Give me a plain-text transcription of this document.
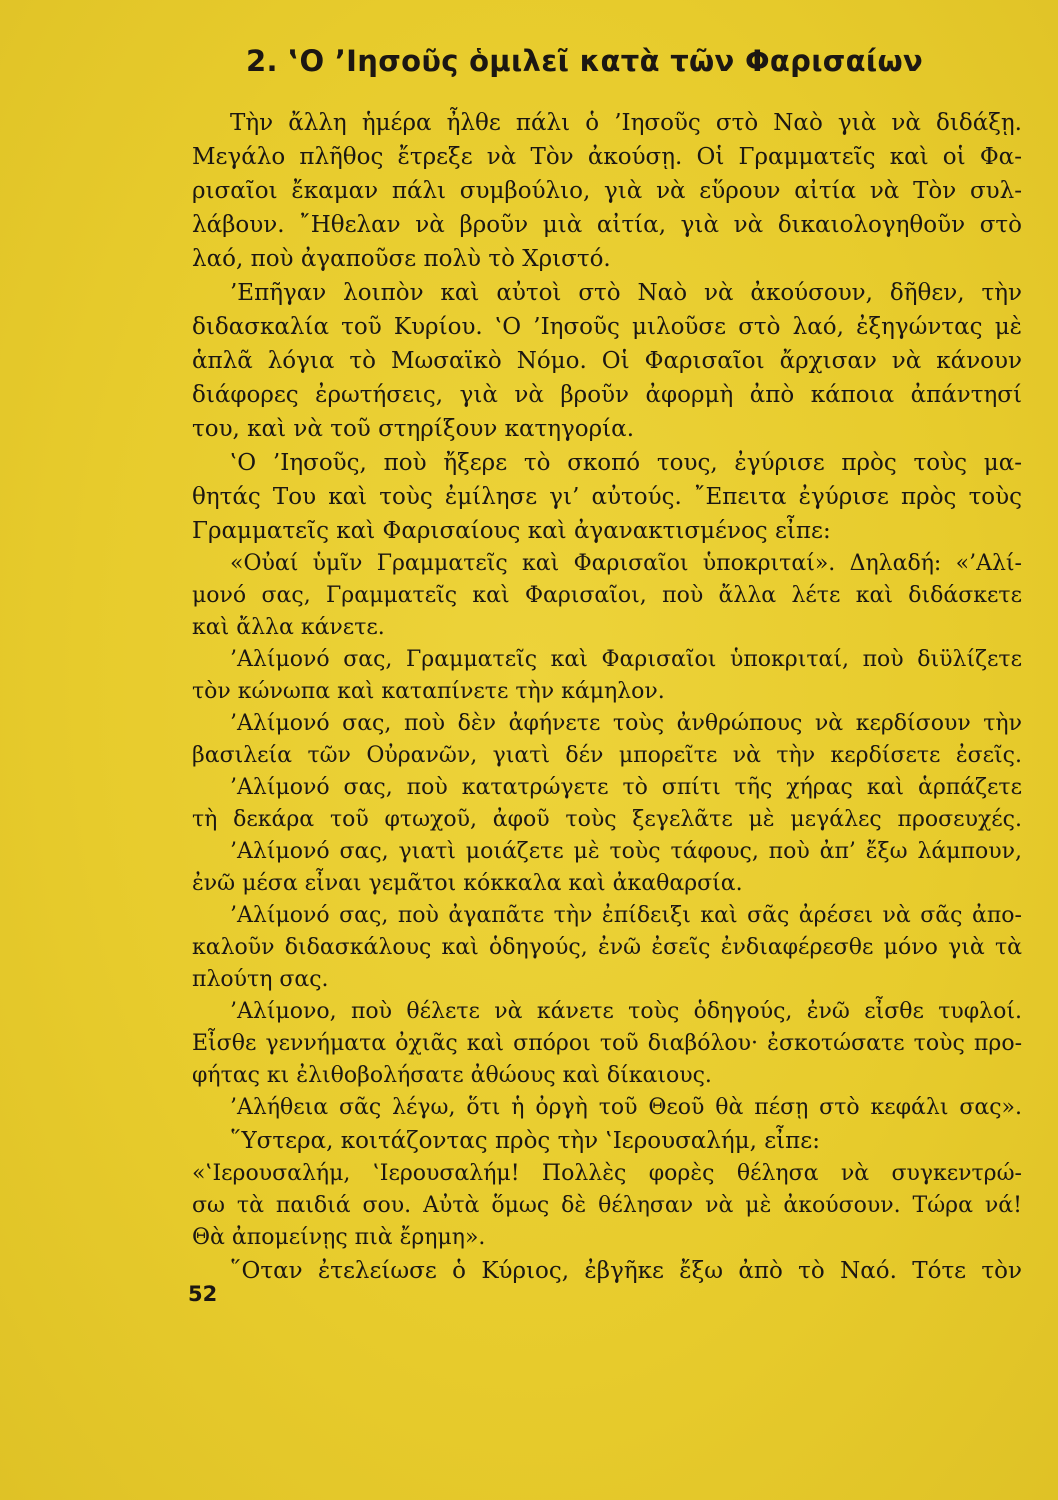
2. ‛Ο ’Ιησοῦς ὁμιλεῖ κατὰ τῶν Φαρισαίων
Τὴν ἄλλη ἡμέρα ἦλθε πάλι ὁ ’Ιησοῦς στὸ Ναὸ γιὰ νὰ διδάξῃ.
Μεγάλο πλῆθος ἔτρεξε νὰ Τὸν ἀκούσῃ. Οἱ Γραμματεῖς καὶ οἱ Φα-
ρισαῖοι ἔκαμαν πάλι συμβούλιο, γιὰ νὰ εὕρουν αἰτία νὰ Τὸν συλ-
λάβουν. ῎Ηθελαν νὰ βροῦν μιὰ αἰτία, γιὰ νὰ δικαιολογηθοῦν στὸ
λαό, ποὺ ἀγαποῦσε πολὺ τὸ Χριστό.
’Επῆγαν λοιπὸν καὶ αὐτοὶ στὸ Ναὸ νὰ ἀκούσουν, δῆθεν, τὴν
διδασκαλία τοῦ Κυρίου. ‛Ο ’Ιησοῦς μιλοῦσε στὸ λαό, ἐξηγώντας μὲ
ἁπλᾶ λόγια τὸ Μωσαϊκὸ Νόμο. Οἱ Φαρισαῖοι ἄρχισαν νὰ κάνουν
διάφορες ἐρωτήσεις, γιὰ νὰ βροῦν ἀφορμὴ ἀπὸ κάποια ἀπάντησί
του, καὶ νὰ τοῦ στηρίξουν κατηγορία.
‛Ο ’Ιησοῦς, ποὺ ἤξερε τὸ σκοπό τους, ἐγύρισε πρὸς τοὺς μα-
θητάς Του καὶ τοὺς ἐμίλησε γι’ αὐτούς. ῎Επειτα ἐγύρισε πρὸς τοὺς
Γραμματεῖς καὶ Φαρισαίους καὶ ἀγανακτισμένος εἶπε:
«Οὐαί ὑμῖν Γραμματεῖς καὶ Φαρισαῖοι ὑποκριταί». Δηλαδή: «’Αλί-
μονό σας, Γραμματεῖς καὶ Φαρισαῖοι, ποὺ ἄλλα λέτε καὶ διδάσκετε
καὶ ἄλλα κάνετε.
’Αλίμονό σας, Γραμματεῖς καὶ Φαρισαῖοι ὑποκριταί, ποὺ διϋλίζετε
τὸν κώνωπα καὶ καταπίνετε τὴν κάμηλον.
’Αλίμονό σας, ποὺ δὲν ἀφήνετε τοὺς ἀνθρώπους νὰ κερδίσουν τὴν
βασιλεία τῶν Οὐρανῶν, γιατὶ δέν μπορεῖτε νὰ τὴν κερδίσετε ἐσεῖς.
’Αλίμονό σας, ποὺ κατατρώγετε τὸ σπίτι τῆς χήρας καὶ ἁρπάζετε
τὴ δεκάρα τοῦ φτωχοῦ, ἀφοῦ τοὺς ξεγελᾶτε μὲ μεγάλες προσευχές.
’Αλίμονό σας, γιατὶ μοιάζετε μὲ τοὺς τάφους, ποὺ ἀπ’ ἔξω λάμπουν,
ἐνῶ μέσα εἶναι γεμᾶτοι κόκκαλα καὶ ἀκαθαρσία.
’Αλίμονό σας, ποὺ ἀγαπᾶτε τὴν ἐπίδειξι καὶ σᾶς ἀρέσει νὰ σᾶς ἀπο-
καλοῦν διδασκάλους καὶ ὁδηγούς, ἐνῶ ἐσεῖς ἐνδιαφέρεσθε μόνο γιὰ τὰ
πλούτη σας.
’Αλίμονο, ποὺ θέλετε νὰ κάνετε τοὺς ὁδηγούς, ἐνῶ εἶσθε τυφλοί.
Εἶσθε γεννήματα ὀχιᾶς καὶ σπόροι τοῦ διαβόλου· ἐσκοτώσατε τοὺς προ-
φήτας κι ἐλιθοβολήσατε ἀθώους καὶ δίκαιους.
’Αλήθεια σᾶς λέγω, ὅτι ἡ ὀργὴ τοῦ Θεοῦ θὰ πέσῃ στὸ κεφάλι σας».
῞Υστερα, κοιτάζοντας πρὸς τὴν ‛Ιερουσαλήμ, εἶπε:
«‛Ιερουσαλήμ, ‛Ιερουσαλήμ! Πολλὲς φορὲς θέλησα νὰ συγκεντρώ-
σω τὰ παιδιά σου. Αὐτὰ ὅμως δὲ θέλησαν νὰ μὲ ἀκούσουν. Τώρα νά!
Θὰ ἀπομείνῃς πιὰ ἔρημη».
῞Οταν ἐτελείωσε ὁ Κύριος, ἐβγῆκε ἔξω ἀπὸ τὸ Ναό. Τότε τὸν
52
